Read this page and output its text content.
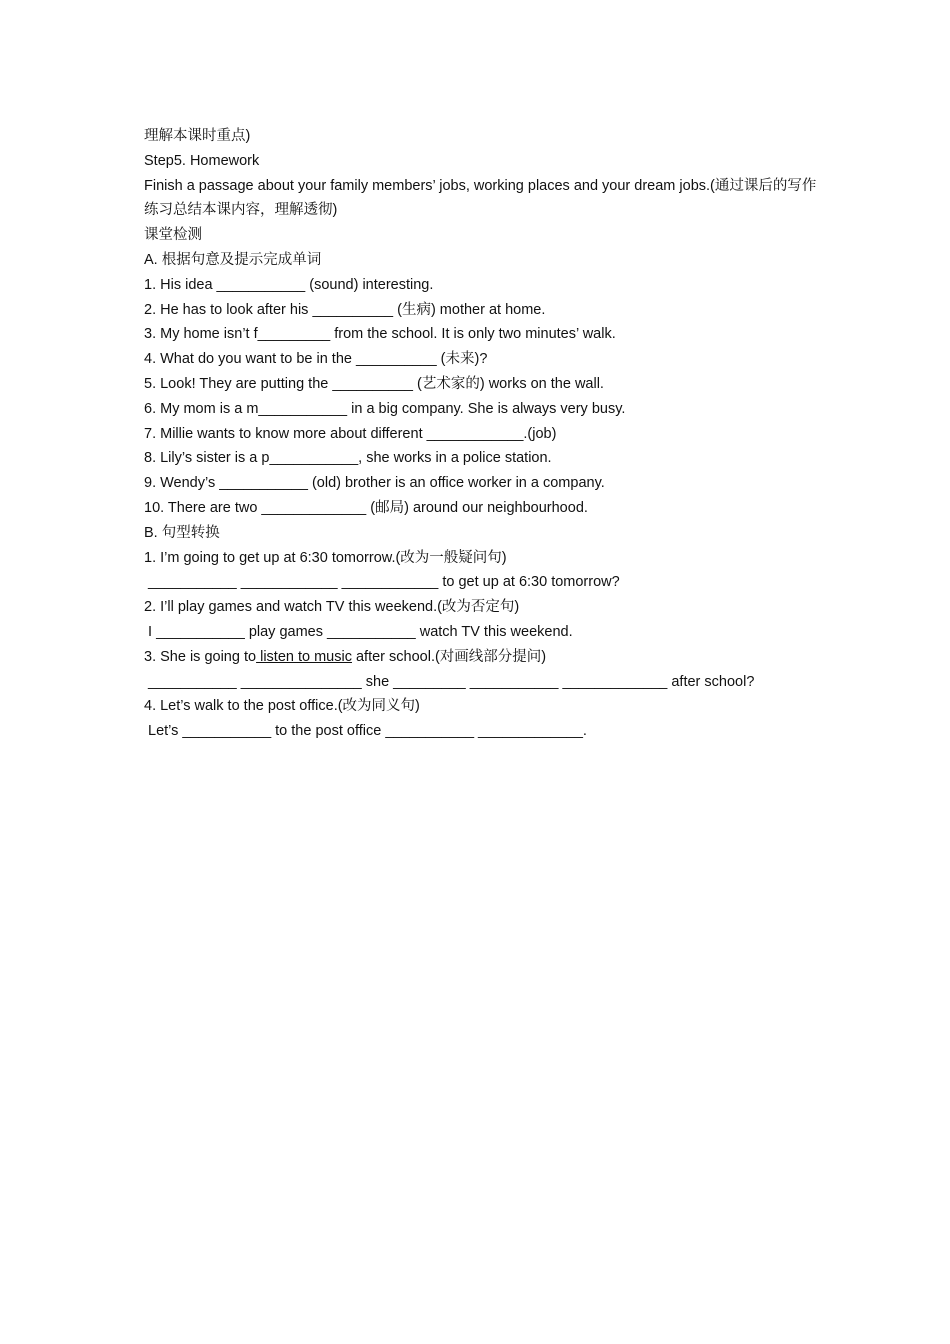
理解本课时重点)
Step5. Homework
Finish a passage about your family members’ jobs, working places and your dream jobs.(通过课后的写作练习总结本课内容，理解透彻)
课堂检测
A. 根据句意及提示完成单词
1. His idea ___________ (sound) interesting.
2. He has to look after his __________ (生病) mother at home.
3. My home isn’t f_________ from the school. It is only two minutes’ walk.
4. What do you want to be in the __________ (未来)?
5. Look! They are putting the __________ (艺术家的) works on the wall.
6. My mom is a m___________ in a big company. She is always very busy.
7. Millie wants to know more about different ____________.(job)
8. Lily’s sister is a p___________, she works in a police station.
9. Wendy’s ___________ (old) brother is an office worker in a company.
10. There are two _____________ (邮局) around our neighbourhood.
B. 句型转换
1. I’m going to get up at 6:30 tomorrow.(改为一般疑问句)
___________ ____________ ____________ to get up at 6:30 tomorrow?
2. I’ll play games and watch TV this weekend.(改为否定句)
I ___________ play games ___________ watch TV this weekend.
3. She is going to listen to music after school.(对画线部分提问)
___________ _______________ she _________ ___________ _____________ after school?
4. Let’s walk to the post office.(改为同义句)
Let’s ___________ to the post office ___________ _____________.
